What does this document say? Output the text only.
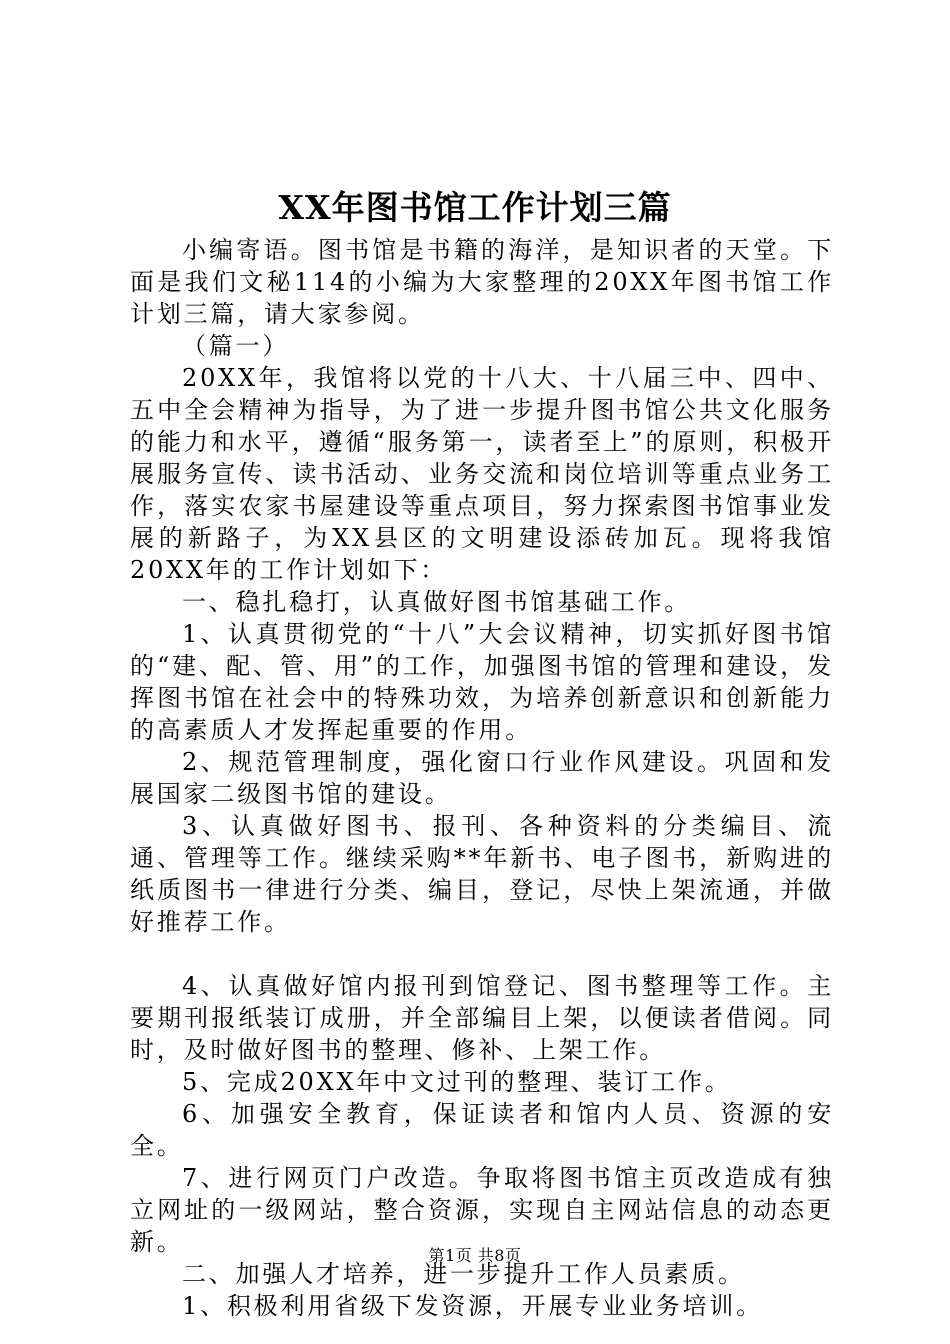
XX年图书馆工作计划三篇

小编寄语。图书馆是书籍的海洋，是知识者的天堂。下面是我们文秘114的小编为大家整理的20XX年图书馆工作计划三篇，请大家参阅。

（篇一）

20XX年，我馆将以党的十八大、十八届三中、四中、五中全会精神为指导，为了进一步提升图书馆公共文化服务的能力和水平，遵循“服务第一，读者至上”的原则，积极开展服务宣传、读书活动、业务交流和岗位培训等重点业务工作，落实农家书屋建设等重点项目，努力探索图书馆事业发展的新路子，为XX县区的文明建设添砖加瓦。现将我馆20XX年的工作计划如下：

一、稳扎稳打，认真做好图书馆基础工作。

1、认真贯彻党的“十八”大会议精神，切实抓好图书馆的“建、配、管、用”的工作，加强图书馆的管理和建设，发挥图书馆在社会中的特殊功效，为培养创新意识和创新能力的高素质人才发挥起重要的作用。

2、规范管理制度，强化窗口行业作风建设。巩固和发展国家二级图书馆的建设。

3、认真做好图书、报刊、各种资料的分类编目、流通、管理等工作。继续采购**年新书、电子图书，新购进的纸质图书一律进行分类、编目，登记，尽快上架流通，并做好推荐工作。

4、认真做好馆内报刊到馆登记、图书整理等工作。主要期刊报纸装订成册，并全部编目上架，以便读者借阅。同时，及时做好图书的整理、修补、上架工作。

5、完成20XX年中文过刊的整理、装订工作。

6、加强安全教育，保证读者和馆内人员、资源的安全。

7、进行网页门户改造。争取将图书馆主页改造成有独立网址的一级网站，整合资源，实现自主网站信息的动态更新。

二、加强人才培养，进一步提升工作人员素质。

1、积极利用省级下发资源，开展专业业务培训。

第1页 共8页
